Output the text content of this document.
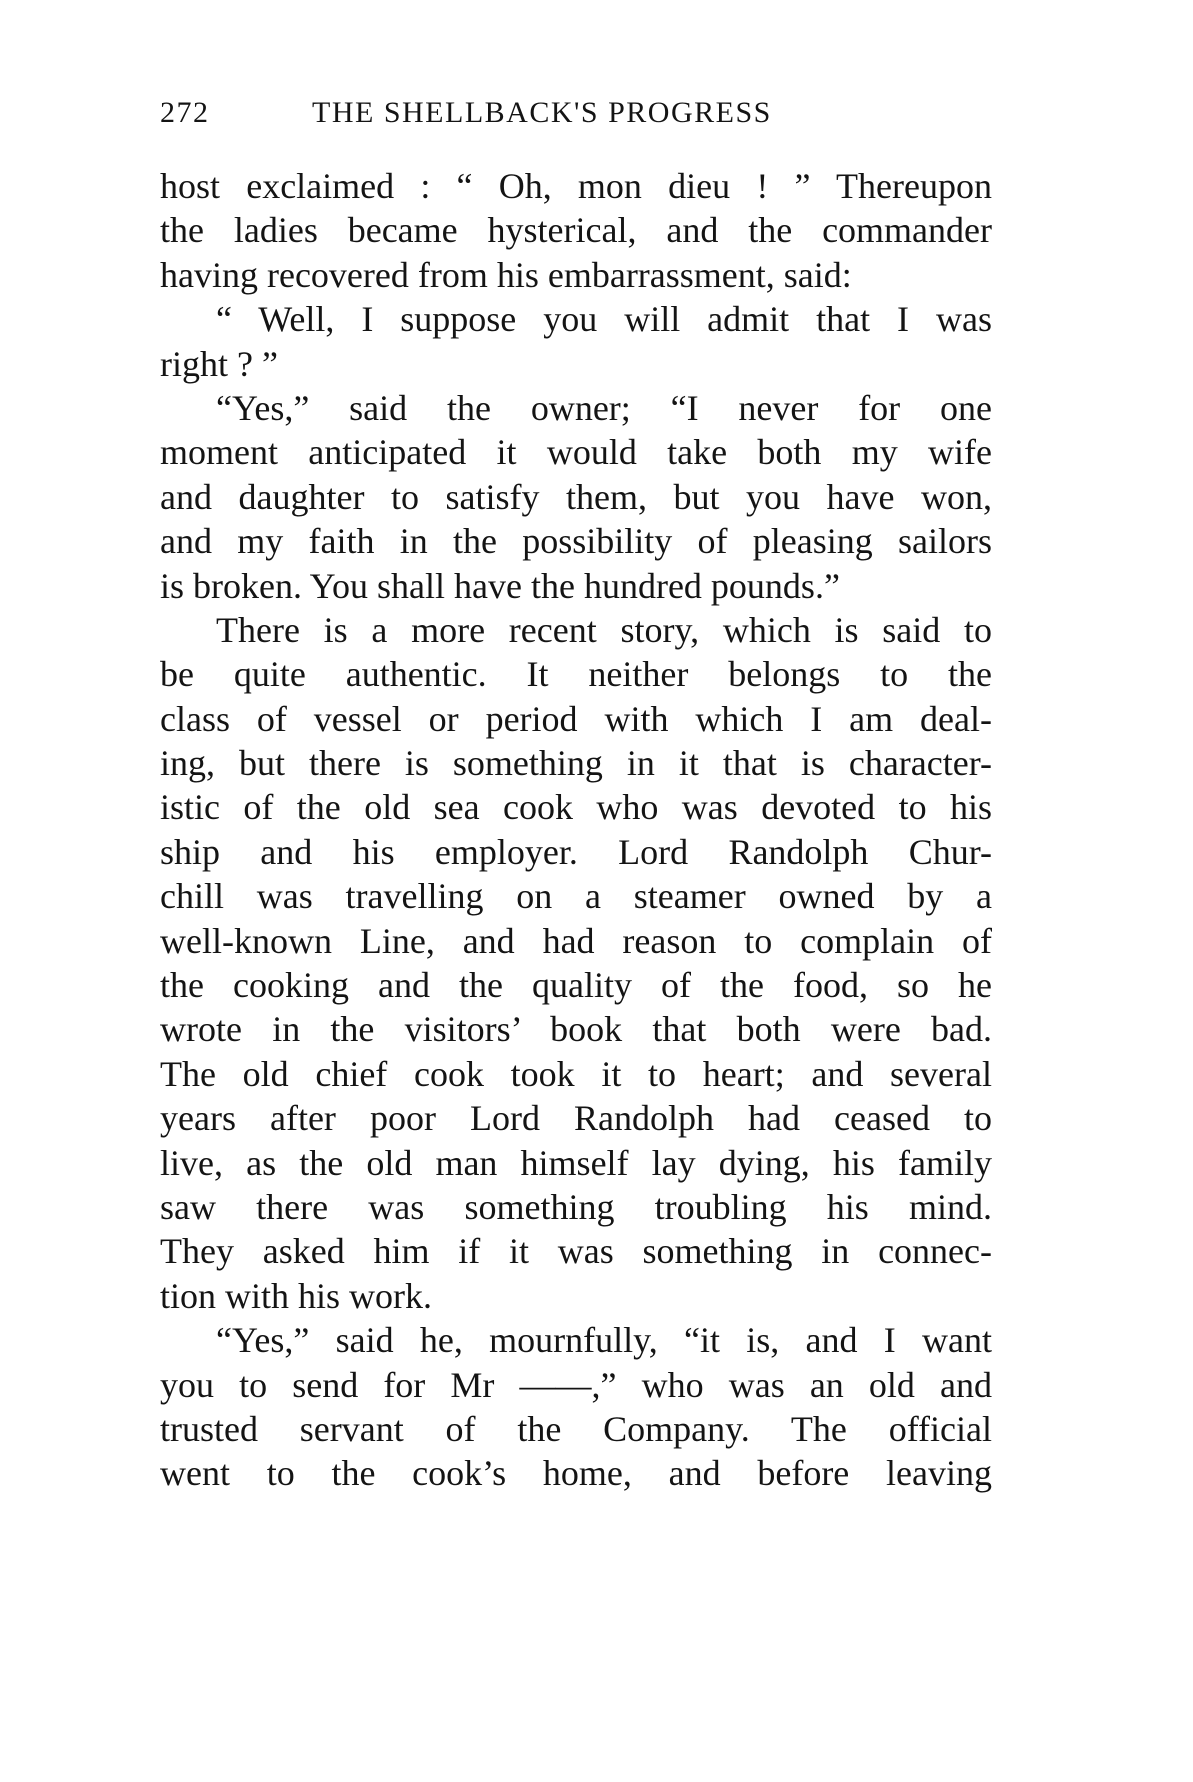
272	THE SHELLBACK'S PROGRESS
host exclaimed : “ Oh, mon dieu ! ” Thereupon
the ladies became hysterical, and the commander
having recovered from his embarrassment, said:
“ Well, I suppose you will admit that I was
right ? ”
“Yes,” said the owner; “I never for one
moment anticipated it would take both my wife
and daughter to satisfy them, but you have won,
and my faith in the possibility of pleasing sailors
is broken. You shall have the hundred pounds.”
There is a more recent story, which is said to
be quite authentic. It neither belongs to the
class of vessel or period with which I am deal-
ing, but there is something in it that is character-
istic of the old sea cook who was devoted to his
ship and his employer. Lord Randolph Chur-
chill was travelling on a steamer owned by a
well-known Line, and had reason to complain of
the cooking and the quality of the food, so he
wrote in the visitors’ book that both were bad.
The old chief cook took it to heart; and several
years after poor Lord Randolph had ceased to
live, as the old man himself lay dying, his family
saw there was something troubling his mind.
They asked him if it was something in connec-
tion with his work.
“Yes,” said he, mournfully, “it is, and I want
you to send for Mr ——,” who was an old and
trusted servant of the Company. The official
went to the cook’s home, and before leaving
